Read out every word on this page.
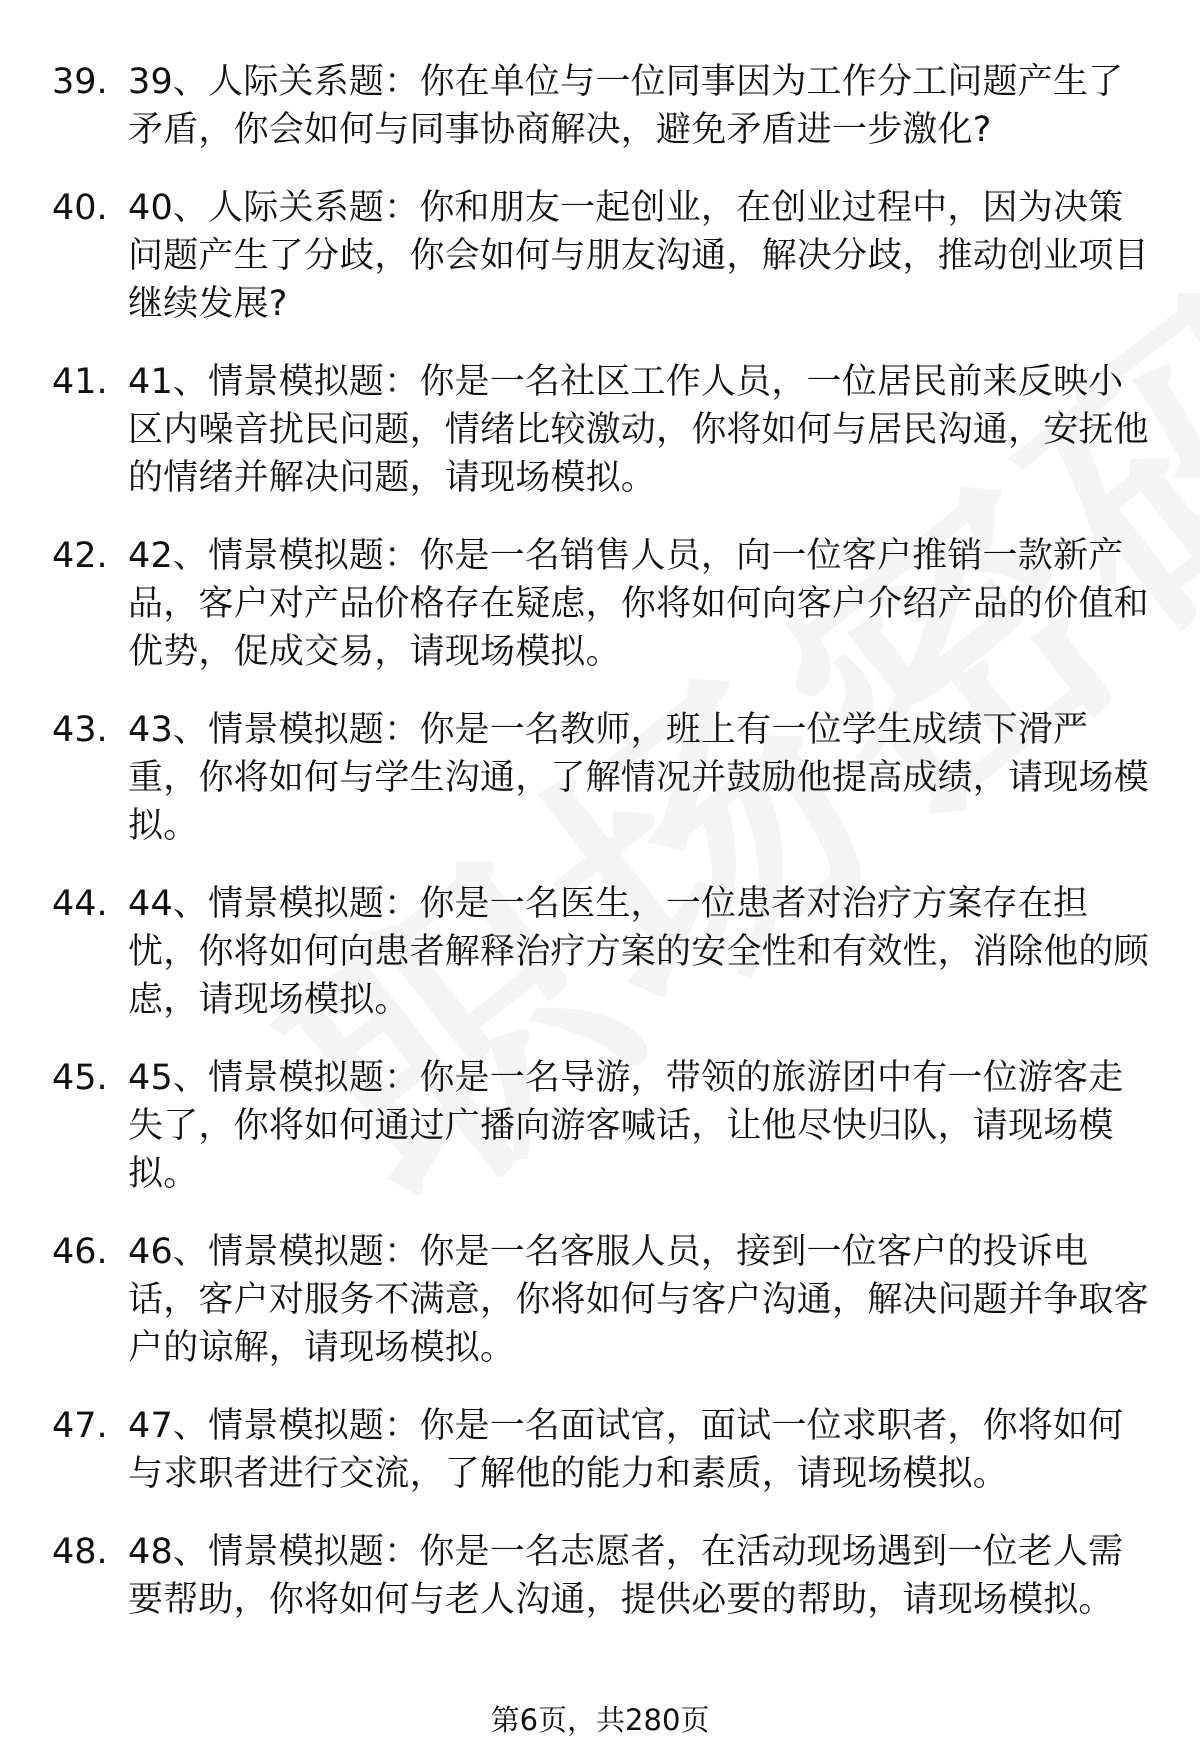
39. 39、人际关系题：你在单位与一位同事因为工作分工问题产生了矛盾，你会如何与同事协商解决，避免矛盾进一步激化?
40. 40、人际关系题：你和朋友一起创业，在创业过程中，因为决策问题产生了分歧，你会如何与朋友沟通，解决分歧，推动创业项目继续发展?
41. 41、情景模拟题：你是一名社区工作人员，一位居民前来反映小区内噪音扰民问题，情绪比较激动，你将如何与居民沟通，安抚他的情绪并解决问题，请现场模拟。
42. 42、情景模拟题：你是一名销售人员，向一位客户推销一款新产品，客户对产品价格存在疑虑，你将如何向客户介绍产品的价值和优势，促成交易，请现场模拟。
43. 43、情景模拟题：你是一名教师，班上有一位学生成绩下滑严重，你将如何与学生沟通，了解情况并鼓励他提高成绩，请现场模拟。
44. 44、情景模拟题：你是一名医生，一位患者对治疗方案存在担忧，你将如何向患者解释治疗方案的安全性和有效性，消除他的顾虑，请现场模拟。
45. 45、情景模拟题：你是一名导游，带领的旅游团中有一位游客走失了，你将如何通过广播向游客喊话，让他尽快归队，请现场模拟。
46. 46、情景模拟题：你是一名客服人员，接到一位客户的投诉电话，客户对服务不满意，你将如何与客户沟通，解决问题并争取客户的谅解，请现场模拟。
47. 47、情景模拟题：你是一名面试官，面试一位求职者，你将如何与求职者进行交流，了解他的能力和素质，请现场模拟。
48. 48、情景模拟题：你是一名志愿者，在活动现场遇到一位老人需要帮助，你将如何与老人沟通，提供必要的帮助，请现场模拟。
第6页，共280页
